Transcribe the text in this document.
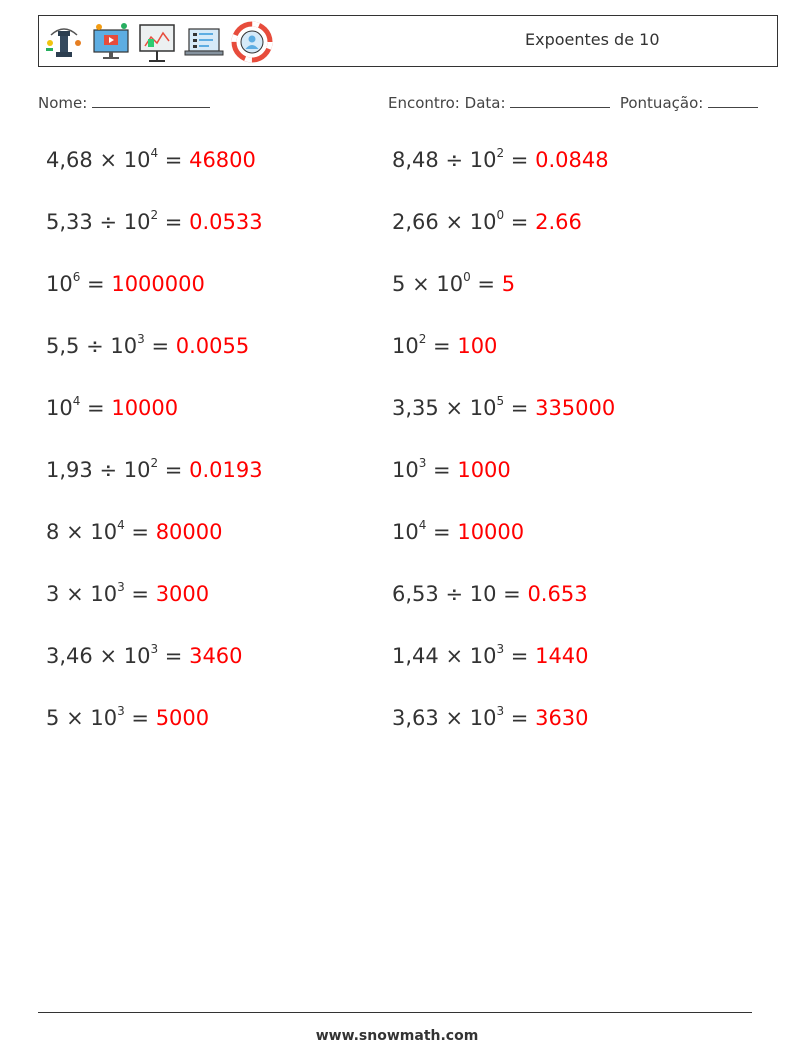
Expoentes de 10
Nome:	Encontro: Data:	Pontuação:
$4,68 \times 10^4 = 46800$	$8,48 \div 10^2 = 0.0848$
$5,33 \div 10^2 = 0.0533$	$2,66 \times 10^0 = 2.66$
$10^6 = 1000000$	$5 \times 10^0 = 5$
$5,5 \div 10^3 = 0.0055$	$10^2 = 100$
$10^4 = 10000$	$3,35 \times 10^5 = 335000$
$1,93 \div 10^2 = 0.0193$	$10^3 = 1000$
$8 \times 10^4 = 80000$	$10^4 = 10000$
$3 \times 10^3 = 3000$	6,53 ÷ 10 = 0.653
$3,46 \times 10^3 = 3460$	$1,44 \times 10^3 = 1440$
$5 \times 10^3 = 5000$	$3,63 \times 10^3 = 3630$
www.snowmath.com
